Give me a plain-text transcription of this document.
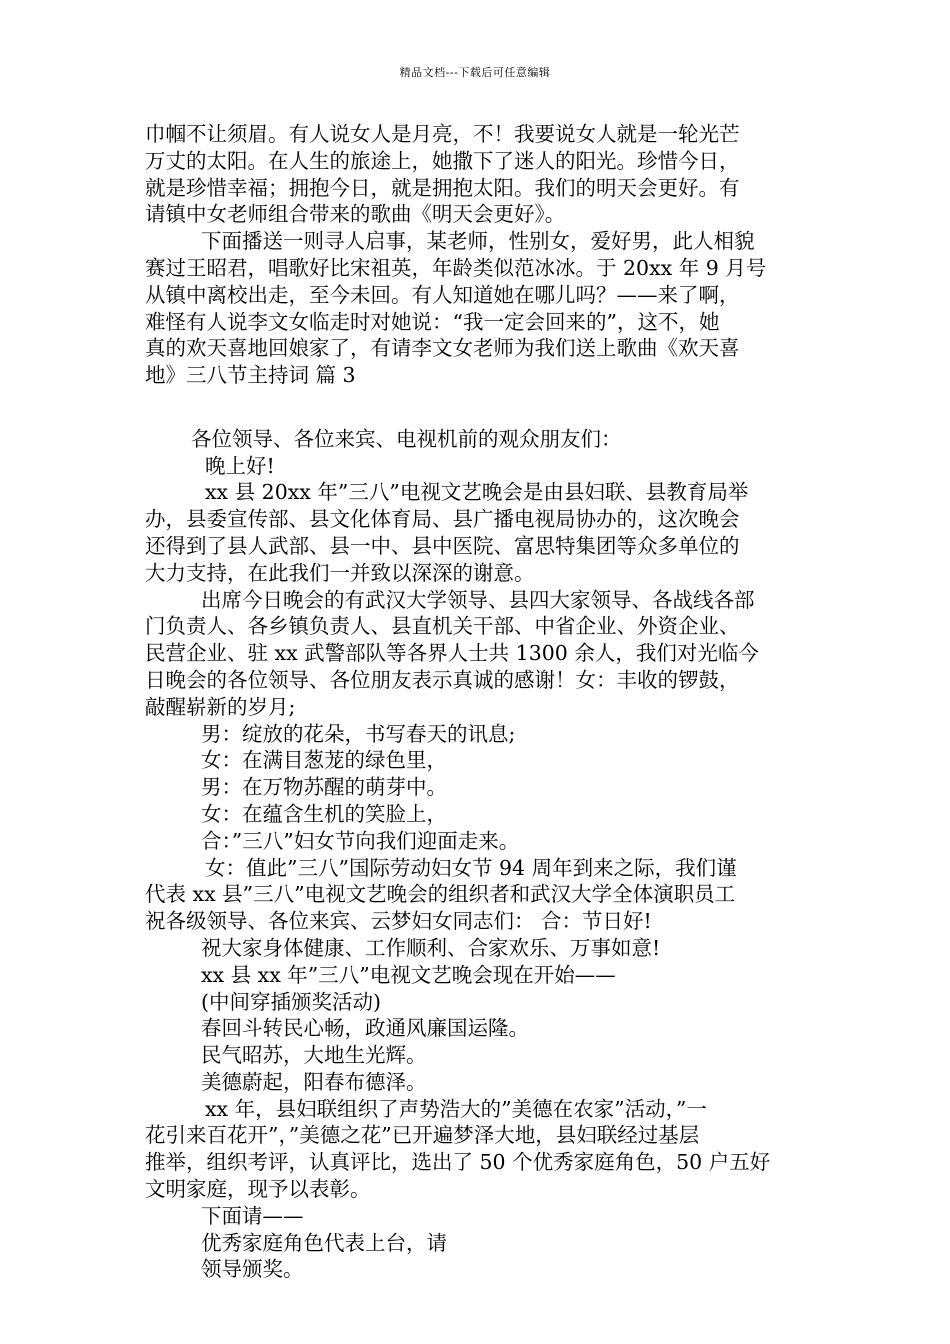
精品文档---下载后可任意编辑
巾帼不让须眉。有人说女人是月亮，不！我要说女人就是一轮光芒
万丈的太阳。在人生的旅途上，她撒下了迷人的阳光。珍惜今日，
就是珍惜幸福；拥抱今日，就是拥抱太阳。我们的明天会更好。有
请镇中女老师组合带来的歌曲《明天会更好》。
下面播送一则寻人启事，某老师，性别女，爱好男，此人相貌
赛过王昭君，唱歌好比宋祖英，年龄类似范冰冰。于 20xx 年 9 月号
从镇中离校出走，至今未回。有人知道她在哪儿吗？——来了啊，
难怪有人说李文女临走时对她说：“我一定会回来的”，这不，她
真的欢天喜地回娘家了，有请李文女老师为我们送上歌曲《欢天喜
地》三八节主持词 篇 3
各位领导、各位来宾、电视机前的观众朋友们：
晚上好!
xx 县 20xx 年”三八”电视文艺晚会是由县妇联、县教育局举
办，县委宣传部、县文化体育局、县广播电视局协办的，这次晚会
还得到了县人武部、县一中、县中医院、富思特集团等众多单位的
大力支持，在此我们一并致以深深的谢意。
出席今日晚会的有武汉大学领导、县四大家领导、各战线各部
门负责人、各乡镇负责人、县直机关干部、中省企业、外资企业、
民营企业、驻 xx 武警部队等各界人士共 1300 余人，我们对光临今
日晚会的各位领导、各位朋友表示真诚的感谢！女：丰收的锣鼓，
敲醒崭新的岁月;
男：绽放的花朵，书写春天的讯息;
女：在满目葱茏的绿色里，
男：在万物苏醒的萌芽中。
女：在蕴含生机的笑脸上，
合：”三八”妇女节向我们迎面走来。
女：值此”三八”国际劳动妇女节 94 周年到来之际，我们谨
代表 xx 县”三八”电视文艺晚会的组织者和武汉大学全体演职员工
祝各级领导、各位来宾、云梦妇女同志们： 合：节日好!
祝大家身体健康、工作顺利、合家欢乐、万事如意!
xx 县 xx 年”三八”电视文艺晚会现在开始——
(中间穿插颁奖活动)
春回斗转民心畅，政通风廉国运隆。
民气昭苏，大地生光辉。
美德蔚起，阳春布德泽。
xx 年，县妇联组织了声势浩大的”美德在农家”活动，”一
花引来百花开”，”美德之花”已开遍梦泽大地，县妇联经过基层
推举，组织考评，认真评比，选出了 50 个优秀家庭角色，50 户五好
文明家庭，现予以表彰。
下面请——
优秀家庭角色代表上台，请
领导颁奖。
